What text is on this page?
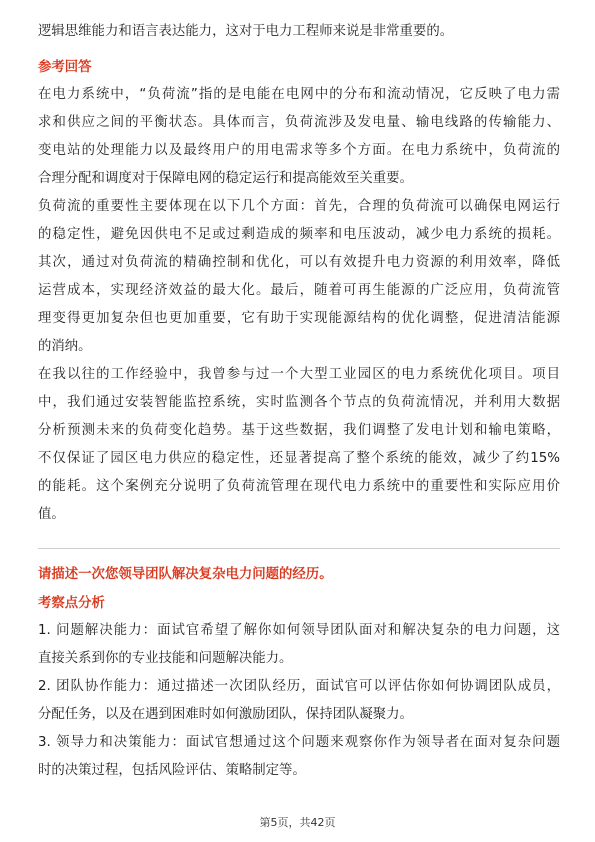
逻辑思维能力和语言表达能力，这对于电力工程师来说是非常重要的。
参考回答
在电力系统中，“负荷流”指的是电能在电网中的分布和流动情况，它反映了电力需
求和供应之间的平衡状态。具体而言，负荷流涉及发电量、输电线路的传输能力、
变电站的处理能力以及最终用户的用电需求等多个方面。在电力系统中，负荷流的
合理分配和调度对于保障电网的稳定运行和提高能效至关重要。
负荷流的重要性主要体现在以下几个方面：首先，合理的负荷流可以确保电网运行
的稳定性，避免因供电不足或过剩造成的频率和电压波动，减少电力系统的损耗。
其次，通过对负荷流的精确控制和优化，可以有效提升电力资源的利用效率，降低
运营成本，实现经济效益的最大化。最后，随着可再生能源的广泛应用，负荷流管
理变得更加复杂但也更加重要，它有助于实现能源结构的优化调整，促进清洁能源
的消纳。
在我以往的工作经验中，我曾参与过一个大型工业园区的电力系统优化项目。项目
中，我们通过安装智能监控系统，实时监测各个节点的负荷流情况，并利用大数据
分析预测未来的负荷变化趋势。基于这些数据，我们调整了发电计划和输电策略，
不仅保证了园区电力供应的稳定性，还显著提高了整个系统的能效，减少了约15%
的能耗。这个案例充分说明了负荷流管理在现代电力系统中的重要性和实际应用价
值。
请描述一次您领导团队解决复杂电力问题的经历。
考察点分析
1. 问题解决能力：面试官希望了解你如何领导团队面对和解决复杂的电力问题，这
直接关系到你的专业技能和问题解决能力。
2. 团队协作能力：通过描述一次团队经历，面试官可以评估你如何协调团队成员，
分配任务，以及在遇到困难时如何激励团队，保持团队凝聚力。
3. 领导力和决策能力：面试官想通过这个问题来观察你作为领导者在面对复杂问题
时的决策过程，包括风险评估、策略制定等。
第5页，共42页
